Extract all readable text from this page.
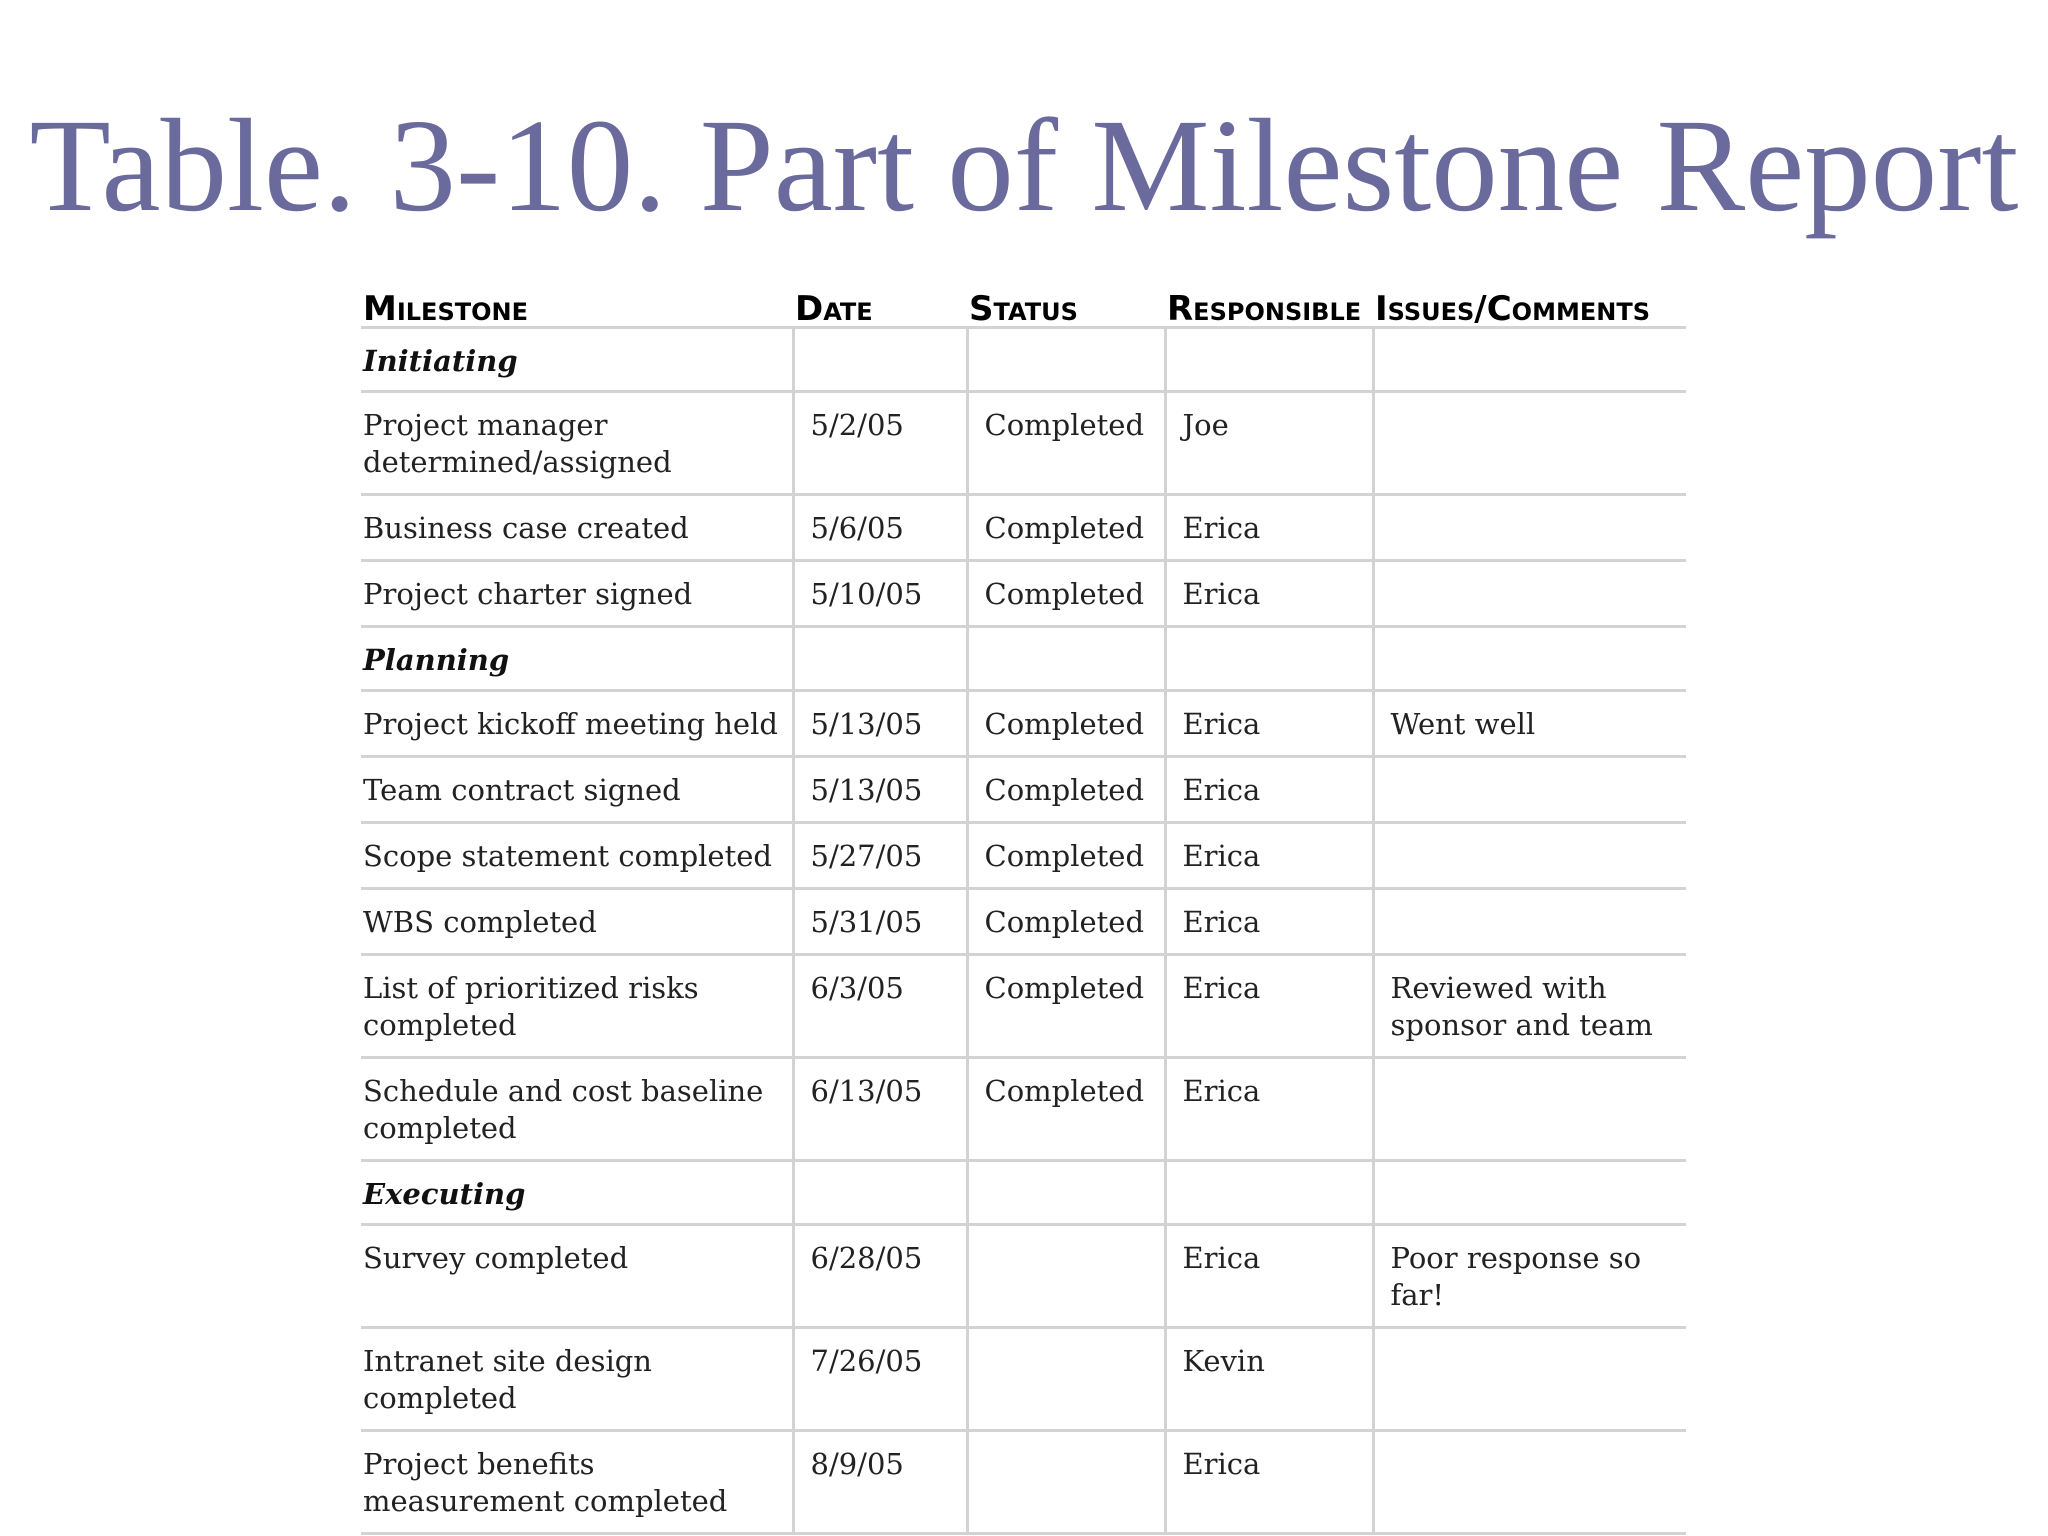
Table. 3-10. Part of Milestone Report
Milestone	Date	Status	Responsible	Issues/Comments
Initiating				
Project manager determined/assigned	5/2/05	Completed	Joe	
Business case created	5/6/05	Completed	Erica	
Project charter signed	5/10/05	Completed	Erica	
Planning				
Project kickoff meeting held	5/13/05	Completed	Erica	Went well
Team contract signed	5/13/05	Completed	Erica	
Scope statement completed	5/27/05	Completed	Erica	
WBS completed	5/31/05	Completed	Erica	
List of prioritized risks completed	6/3/05	Completed	Erica	Reviewed with sponsor and team
Schedule and cost baseline completed	6/13/05	Completed	Erica	
Executing				
Survey completed	6/28/05		Erica	Poor response so far!
Intranet site design completed	7/26/05		Kevin	
Project benefits measurement completed	8/9/05		Erica	
